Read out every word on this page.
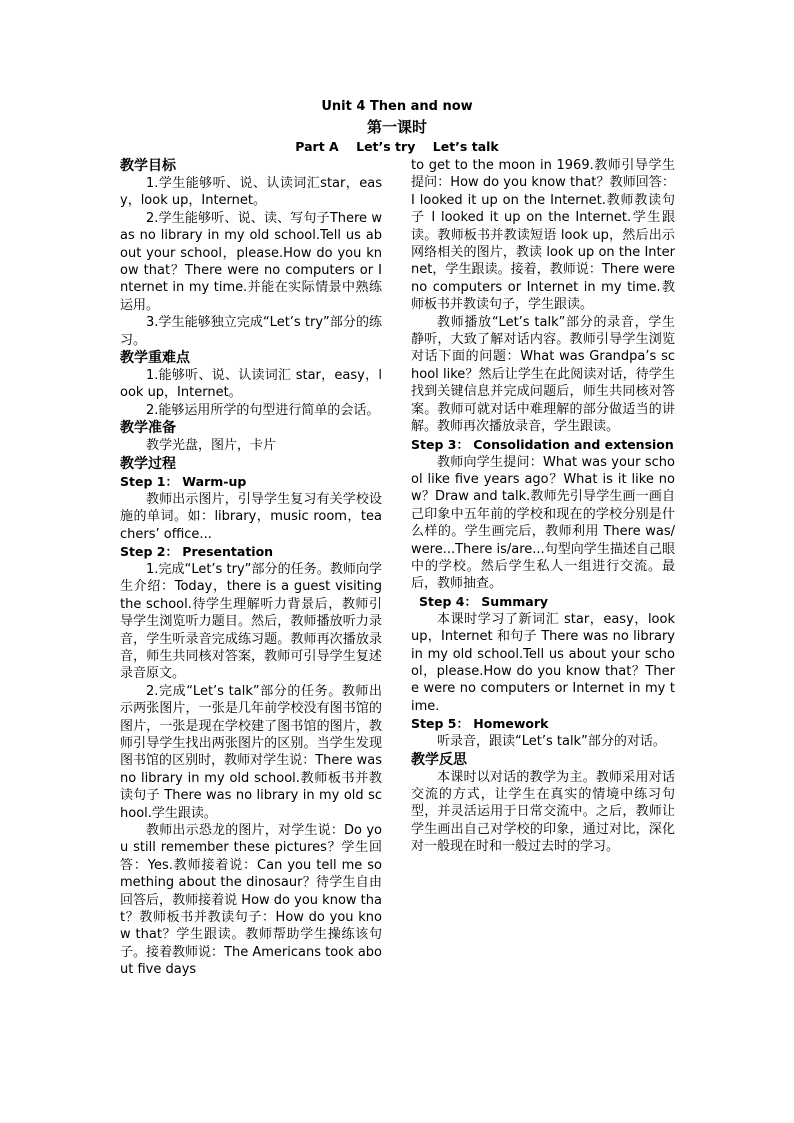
Unit 4 Then and now
第一课时
Part A    Let’s try    Let’s talk

教学目标

1.学生能够听、说、认读词汇star，easy，look up，Internet。

2.学生能够听、说、读、写句子There was no library in my old school.Tell us about your school，please.How do you know that？There were no computers or Internet in my time.并能在实际情景中熟练运用。

3.学生能够独立完成“Let’s try”部分的练习。

教学重难点

1.能够听、说、认读词汇 star，easy，look up，Internet。

2.能够运用所学的句型进行简单的会话。

教学准备

教学光盘，图片，卡片

教学过程

Step 1： Warm-up

教师出示图片，引导学生复习有关学校设施的单词。如：library，music room，teachers’ office...

Step 2： Presentation

1.完成“Let’s try”部分的任务。教师向学生介绍：Today，there is a guest visiting the school.待学生理解听力背景后，教师引导学生浏览听力题目。然后，教师播放听力录音，学生听录音完成练习题。教师再次播放录音，师生共同核对答案，教师可引导学生复述录音原文。

2.完成“Let’s talk”部分的任务。教师出示两张图片，一张是几年前学校没有图书馆的图片，一张是现在学校建了图书馆的图片，教师引导学生找出两张图片的区别。当学生发现图书馆的区别时，教师对学生说：There was no library in my old school.教师板书并教读句子 There was no library in my old school.学生跟读。

教师出示恐龙的图片，对学生说：Do you still remember these pictures？学生回答：Yes.教师接着说：Can you tell me something about the dinosaur？待学生自由回答后，教师接着说 How do you know that？教师板书并教读句子：How do you know that？学生跟读。教师帮助学生操练该句子。接着教师说：The Americans took about five days

to get to the moon in 1969.教师引导学生提问：How do you know that？教师回答：I looked it up on the Internet.教师教读句子 I looked it up on the Internet.学生跟读。教师板书并教读短语 look up，然后出示网络相关的图片，教读 look up on the Internet，学生跟读。接着，教师说：There were no computers or Internet in my time.教师板书并教读句子，学生跟读。

教师播放“Let’s talk”部分的录音，学生静听，大致了解对话内容。教师引导学生浏览对话下面的问题：What was Grandpa’s school like？然后让学生在此阅读对话，待学生找到关键信息并完成问题后，师生共同核对答案。教师可就对话中难理解的部分做适当的讲解。教师再次播放录音，学生跟读。

Step 3： Consolidation and extension

教师向学生提问：What was your school like five years ago？What is it like now？Draw and talk.教师先引导学生画一画自己印象中五年前的学校和现在的学校分别是什么样的。学生画完后，教师利用 There was/were...There is/are...句型向学生描述自己眼中的学校。然后学生私人一组进行交流。最后，教师抽查。

Step 4： Summary

本课时学习了新词汇 star，easy，look up，Internet 和句子 There was no library in my old school.Tell us about your school，please.How do you know that？There were no computers or Internet in my time.

Step 5： Homework

听录音，跟读“Let’s talk”部分的对话。

教学反思

本课时以对话的教学为主。教师采用对话交流的方式，让学生在真实的情境中练习句型，并灵活运用于日常交流中。之后，教师让学生画出自己对学校的印象，通过对比，深化对一般现在时和一般过去时的学习。
